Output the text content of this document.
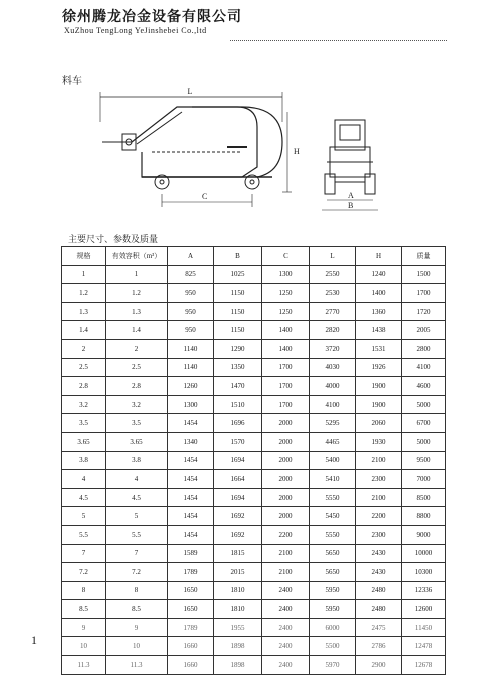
徐州腾龙冶金设备有限公司
XuZhou TengLong YeJinshebei Co.,ltd
料车
L
H
C	A
B
主要尺寸、参数及质量
规格	有效容积（m³）	A	B	C	L	H	质量
1	1	825	1025	1300	2550	1240	1500
1.2	1.2	950	1150	1250	2530	1400	1700
1.3	1.3	950	1150	1250	2770	1360	1720
1.4	1.4	950	1150	1400	2820	1438	2005
2	2	1140	1290	1400	3720	1531	2800
2.5	2.5	1140	1350	1700	4030	1926	4100
2.8	2.8	1260	1470	1700	4000	1900	4600
3.2	3.2	1300	1510	1700	4100	1900	5000
3.5	3.5	1454	1696	2000	5295	2060	6700
3.65	3.65	1340	1570	2000	4465	1930	5000
3.8	3.8	1454	1694	2000	5400	2100	9500
4	4	1454	1664	2000	5410	2300	7000
4.5	4.5	1454	1694	2000	5550	2100	8500
5	5	1454	1692	2000	5450	2200	8800
5.5	5.5	1454	1692	2200	5550	2300	9000
7	7	1589	1815	2100	5650	2430	10000
7.2	7.2	1789	2015	2100	5650	2430	10300
8	8	1650	1810	2400	5950	2480	12336
8.5	8.5	1650	1810	2400	5950	2480	12600
9	9	1789	1955	2400	6000	2475	11450
10	10	1660	1898	2400	5500	2786	12478
11.3	11.3	1660	1898	2400	5970	2900	12678
1
